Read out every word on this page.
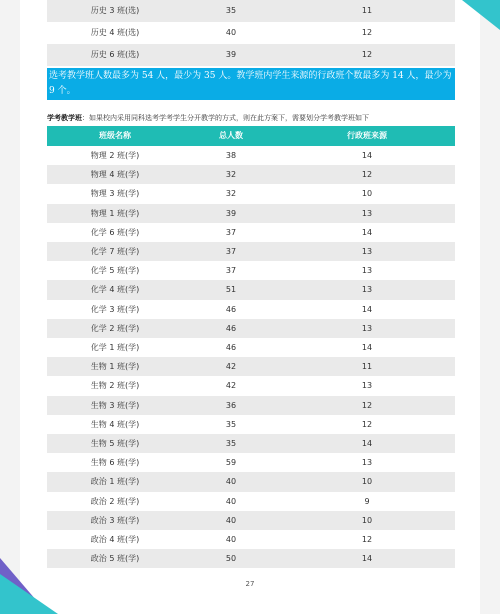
历史 3 班(选)	35	11
历史 4 班(选)	40	12
历史 6 班(选)	39	12
选考教学班人数最多为 54 人，最少为 35 人。教学班内学生来源的行政班个数最多为 14 人，最少为 9 个。
学考教学班：如果校内采用同科选考学考学生分开教学的方式，则在此方案下，需要划分学考教学班如下
班级名称	总人数	行政班来源
物理 2 班(学)	38	14
物理 4 班(学)	32	12
物理 3 班(学)	32	10
物理 1 班(学)	39	13
化学 6 班(学)	37	14
化学 7 班(学)	37	13
化学 5 班(学)	37	13
化学 4 班(学)	51	13
化学 3 班(学)	46	14
化学 2 班(学)	46	13
化学 1 班(学)	46	14
生物 1 班(学)	42	11
生物 2 班(学)	42	13
生物 3 班(学)	36	12
生物 4 班(学)	35	12
生物 5 班(学)	35	14
生物 6 班(学)	59	13
政治 1 班(学)	40	10
政治 2 班(学)	40	9
政治 3 班(学)	40	10
政治 4 班(学)	40	12
政治 5 班(学)	50	14
27
